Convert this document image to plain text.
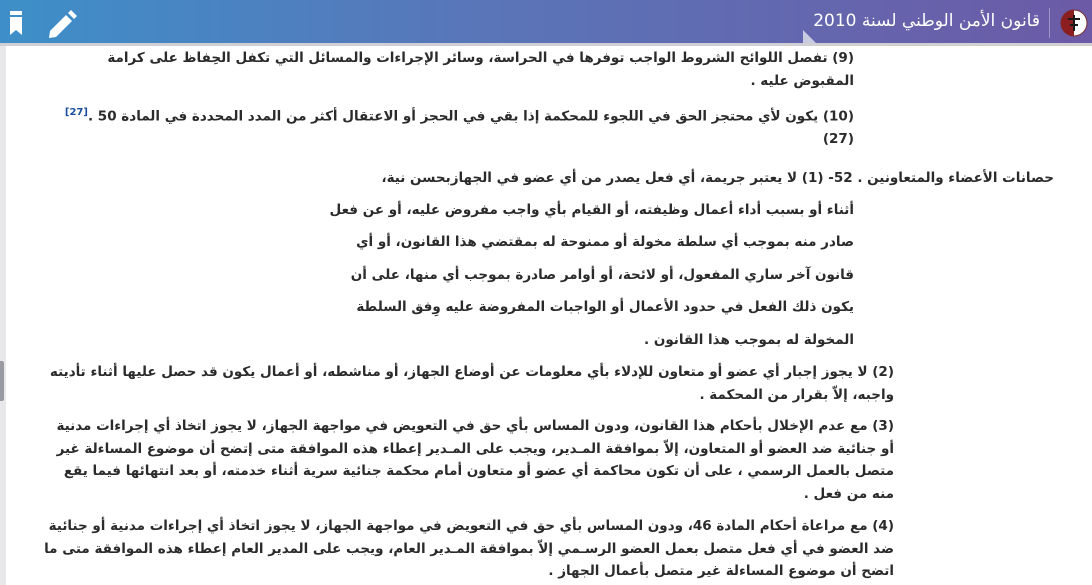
قانون الأمن الوطني لسنة 2010

(9) تفصل اللوائح الشروط الواجب توفرها في الحراسة، وسائر الإجراءات والمسائل التي تكفل الحِفاظ على كرامة المقبوض عليه .

(10) يكون لأي محتجز الحق في اللجوء للمحكمة إذا بقي في الحجز أو الاعتقال أكثر من المدد المحددة في المادة 50 .[27](27)

حصانات الأعضاء والمتعاونين . 52- (1) لا يعتبر جريمة، أي فعل يصدر من أي عضو في الجهازبحسن نية،

أثناء أو بسبب أداء أعمال وظيفته، أو القيام بأي واجب مفروض عليه، أو عن فعل

صادر منه بموجب أي سلطة مخولة أو ممنوحة له بمقتضي هذا القانون، أو أي

قانون آخر ساري المفعول، أو لائحة، أو أوامر صادرة بموجب أي منها، على أن

يكون ذلك الفعل في حدود الأعمال أو الواجبات المفروضة عليه وِفق السلطة

المخولة له بموجب هذا القانون .

(2) لا يجوز إجبار أي عضو أو متعاون للإدلاء بأي معلومات عن أوضاع الجهاز، أو مناشطه، أو أعمال يكون قد حصل عليها أثناء تأديته واجبه، إلاّ بقرار من المحكمة .

(3) مع عدم الإخلال بأحكام هذا القانون، ودون المساس بأي حق في التعويض في مواجهة الجهاز، لا يجوز اتخاذ أي إجراءات مدنية أو جنائية ضد العضو أو المتعاون، إلاّ بموافقة المـدير، ويجب على المـدير إعطاء هذه الموافقة متى إتضح أن موضوع المساءلة غير متصل بالعمل الرسمي ، على أن تكون محاكمة أي عضو أو متعاون أمام محكمة جنائية سرية أثناء خدمته، أو بعد انتهائها فيما يقع منه من فعل .

(4) مع مراعاة أحكام المادة 46، ودون المساس بأي حق في التعويض في مواجهة الجهاز، لا يجوز اتخاذ أي إجراءات مدنية أو جنائية ضد العضو في أي فعل متصل بعمل العضو الرسـمي إلاّ بموافقة المـدير العام، ويجب على المدير العام إعطاء هذه الموافقة متى ما اتضح أن موضوع المساءلة غير متصل بأعمال الجهاز .
